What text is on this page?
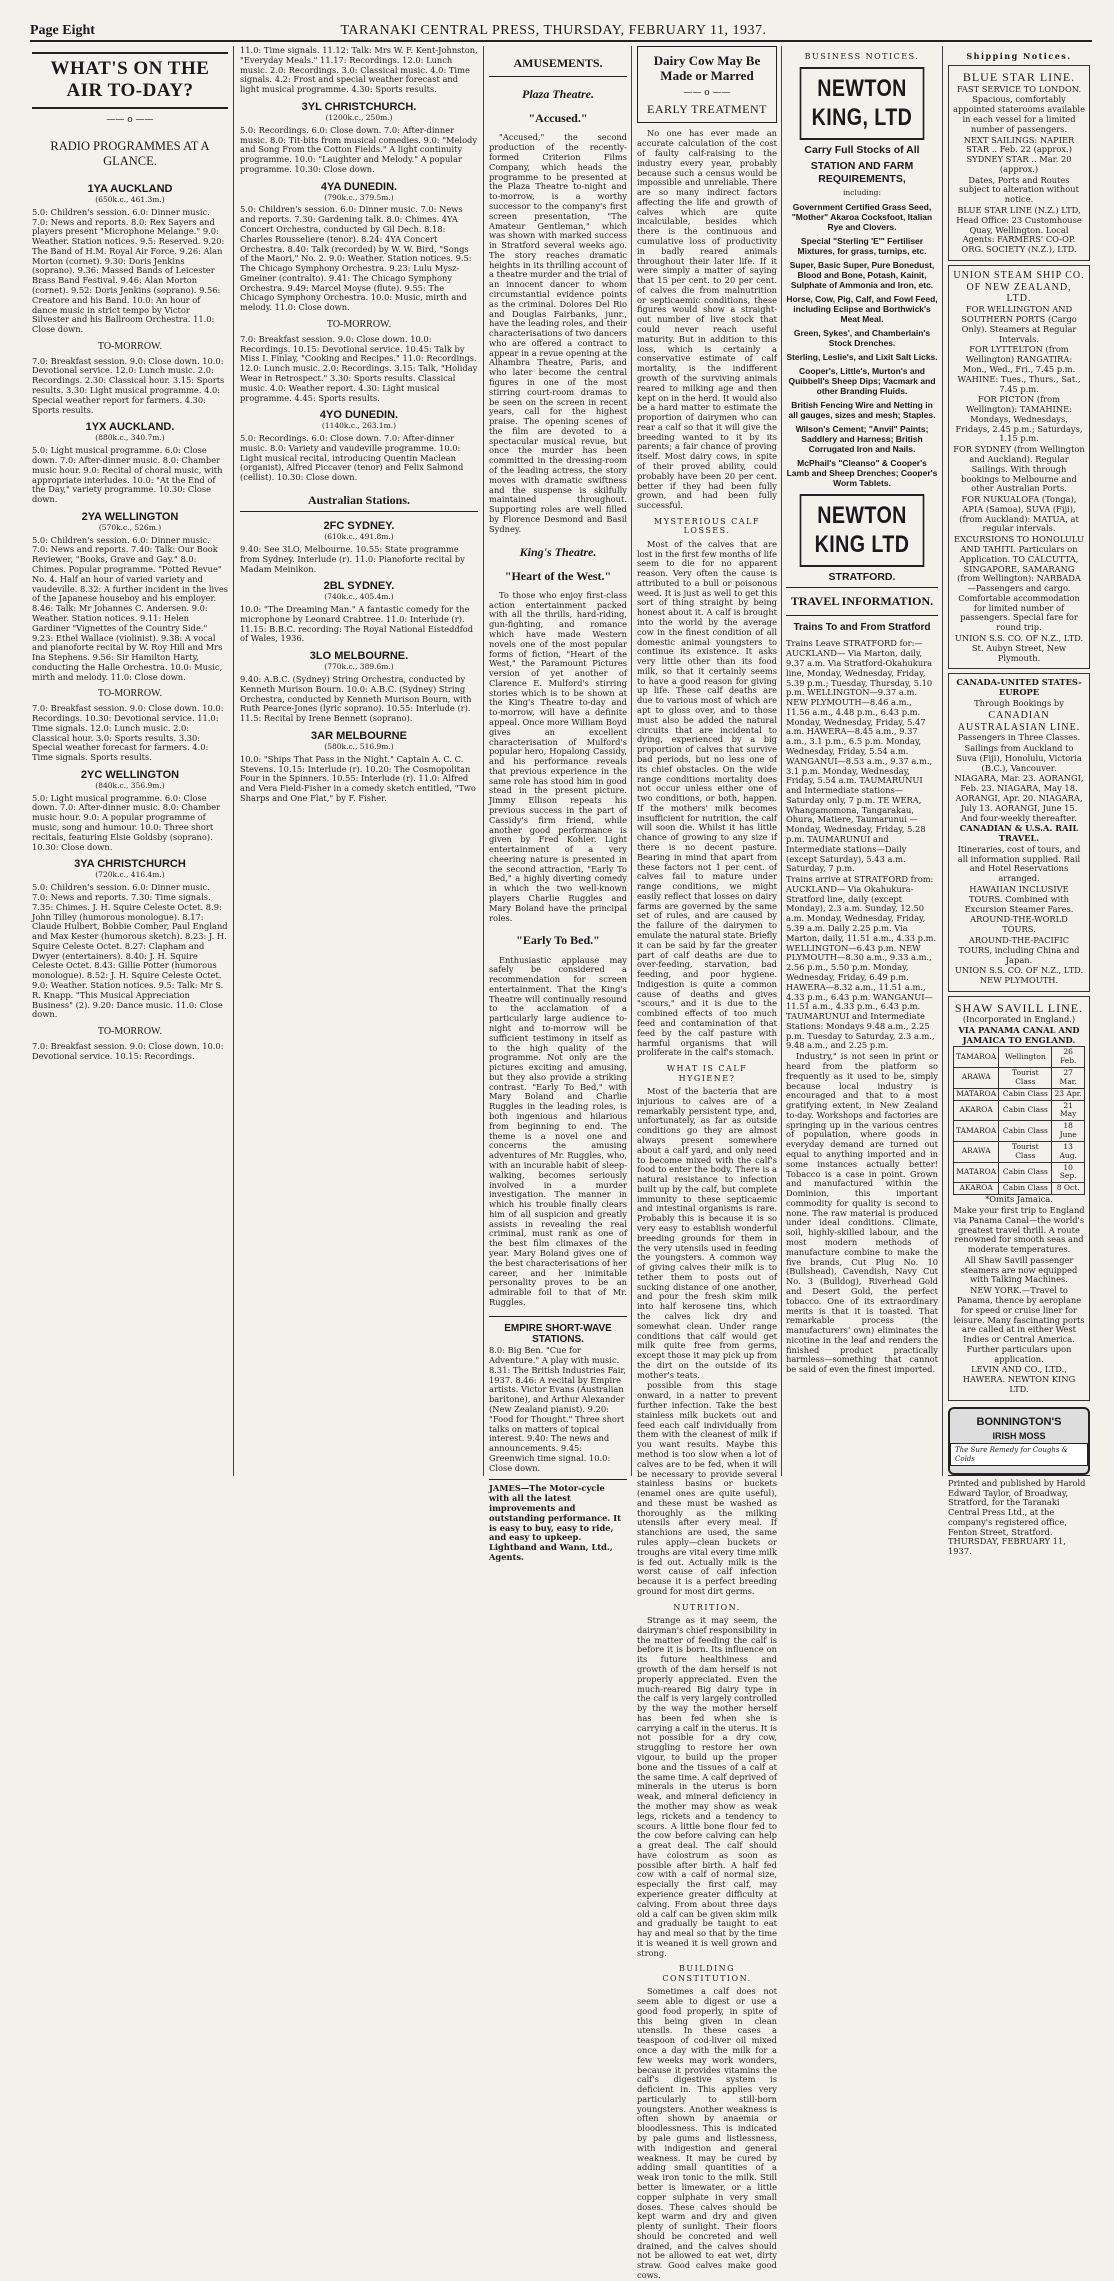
Page Eight	TARANAKI CENTRAL PRESS, THURSDAY, FEBRUARY 11, 1937.
WHAT'S ON THE AIR TO-DAY?
—— o ——
RADIO PROGRAMMES AT A GLANCE.
1YA AUCKLAND
(650k.c., 461.3m.)

5.0: Children's session. 6.0: Dinner music. 7.0: News and reports. 8.0: Rex Sayers and players present "Microphone Melange." 9.0: Weather. Station notices. 9.5: Reserved. 9.20: The Band of H.M. Royal Air Force. 9.26: Alan Morton (cornet). 9.30: Doris Jenkins (soprano). 9.36: Massed Bands of Leicester Brass Band Festival. 9.46: Alan Morton (cornet). 9.52: Doris Jenkins (soprano). 9.56: Creatore and his Band. 10.0: An hour of dance music in strict tempo by Victor Silvester and his Ballroom Orchestra. 11.0: Close down.

TO-MORROW.

7.0: Breakfast session. 9.0: Close down. 10.0: Devotional service. 12.0: Lunch music. 2.0: Recordings. 2.30: Classical hour. 3.15: Sports results. 3.30: Light musical programme. 4.0: Special weather report for farmers. 4.30: Sports results.

1YX AUCKLAND.
(880k.c., 340.7m.)

5.0: Light musical programme. 6.0: Close down. 7.0: After-dinner music. 8.0: Chamber music hour. 9.0: Recital of choral music, with appropriate interludes. 10.0: "At the End of the Day," variety programme. 10.30: Close down.

2YA WELLINGTON
(570k.c., 526m.)

5.0: Children's session. 6.0: Dinner music. 7.0: News and reports. 7.40: Talk: Our Book Reviewer, "Books, Grave and Gay." 8.0: Chimes. Popular programme. "Potted Revue" No. 4. Half an hour of varied variety and vaudeville. 8.32: A further incident in the lives of the Japanese houseboy and his employer. 8.46: Talk: Mr Johannes C. Andersen. 9.0: Weather. Station notices. 9.11: Helen Gardiner "Vignettes of the Country Side." 9.23: Ethel Wallace (violinist). 9.38: A vocal and pianoforte recital by W. Roy Hill and Mrs Ina Stephens. 9.56: Sir Hamilton Harty, conducting the Halle Orchestra. 10.0: Music, mirth and melody. 11.0: Close down.

TO-MORROW.

7.0: Breakfast session. 9.0: Close down. 10.0: Recordings. 10.30: Devotional service. 11.0: Time signals. 12.0: Lunch music. 2.0: Classical hour. 3.0: Sports results. 3.30: Special weather forecast for farmers. 4.0: Time signals. Sports results.

2YC WELLINGTON
(840k.c., 356.9m.)

5.0: Light musical programme. 6.0: Close down. 7.0: After-dinner music. 8.0: Chamber music hour. 9.0: A popular programme of music, song and humour. 10.0: Three short recitals, featuring Elsie Goldsby (soprano). 10.30: Close down.

3YA CHRISTCHURCH
(720k.c., 416.4m.)

5.0: Children's session. 6.0: Dinner music. 7.0: News and reports. 7.30: Time signals. 7.35: Chimes. J. H. Squire Celeste Octet. 8.9: John Tilley (humorous monologue). 8.17: Claude Hulbert, Bobbie Comber, Paul England and Max Kester (humorous sketch). 8.23: J. H. Squire Celeste Octet. 8.27: Clapham and Dwyer (entertainers). 8.40: J. H. Squire Celeste Octet. 8.43: Gillie Potter (humorous monologue). 8.52: J. H. Squire Celeste Octet. 9.0: Weather. Station notices. 9.5: Talk: Mr S. R. Knapp. "This Musical Appreciation Business" (2). 9.20: Dance music. 11.0: Close down.

TO-MORROW.

7.0: Breakfast session. 9.0: Close down. 10.0: Devotional service. 10.15: Recordings.

11.0: Time signals. 11.12: Talk: Mrs W. F. Kent-Johnston, "Everyday Meals." 11.17: Recordings. 12.0: Lunch music. 2.0: Recordings. 3.0: Classical music. 4.0: Time signals. 4.2: Frost and special weather forecast and light musical programme. 4.30: Sports results.

3YL CHRISTCHURCH.
(1200k.c., 250m.)

5.0: Recordings. 6.0: Close down. 7.0: After-dinner music. 8.0: Tit-bits from musical comedies. 9.0: "Melody and Song From the Cotton Fields." A light continuity programme. 10.0: "Laughter and Melody." A popular programme. 10.30: Close down.

4YA DUNEDIN.
(790k.c., 379.5m.)

5.0: Children's session. 6.0: Dinner music. 7.0: News and reports. 7.30: Gardening talk. 8.0: Chimes. 4YA Concert Orchestra, conducted by Gil Dech. 8.18: Charles Rousseliere (tenor). 8.24: 4YA Concert Orchestra. 8.40: Talk (recorded) by W. W. Bird, "Songs of the Maori," No. 2. 9.0: Weather. Station notices. 9.5: The Chicago Symphony Orchestra. 9.23: Lulu Mysz-Gmeiner (contralto). 9.41: The Chicago Symphony Orchestra. 9.49: Marcel Moyse (flute). 9.55: The Chicago Symphony Orchestra. 10.0: Music, mirth and melody. 11.0: Close down.

TO-MORROW.

7.0: Breakfast session. 9.0: Close down. 10.0: Recordings. 10.15: Devotional service. 10.45: Talk by Miss I. Finlay, "Cooking and Recipes." 11.0: Recordings. 12.0: Lunch music. 2.0: Recordings. 3.15: Talk, "Holiday Wear in Retrospect." 3.30: Sports results. Classical music. 4.0: Weather report. 4.30: Light musical programme. 4.45: Sports results.

4YO DUNEDIN.
(1140k.c., 263.1m.)

5.0: Recordings. 6.0: Close down. 7.0: After-dinner music. 8.0: Variety and vaudeville programme. 10.0: Light musical recital, introducing Quentin Maclean (organist), Alfred Piccaver (tenor) and Felix Salmond (cellist). 10.30: Close down.

Australian Stations.
2FC SYDNEY.
(610k.c., 491.8m.)

9.40: See 3LO, Melbourne. 10.55: State programme from Sydney. Interlude (r). 11.0: Pianoforte recital by Madam Meinikon.

2BL SYDNEY.
(740k.c., 405.4m.)

10.0: "The Dreaming Man." A fantastic comedy for the microphone by Leonard Crabtree. 11.0: Interlude (r). 11.15: B.B.C. recording: The Royal National Eisteddfod of Wales, 1936.

3LO MELBOURNE.
(770k.c., 389.6m.)

9.40: A.B.C. (Sydney) String Orchestra, conducted by Kenneth Murison Bourn. 10.0: A.B.C. (Sydney) String Orchestra, conducted by Kenneth Murison Bourn, with Ruth Pearce-Jones (lyric soprano). 10.55: Interlude (r). 11.5: Recital by Irene Bennett (soprano).

3AR MELBOURNE
(580k.c., 516.9m.)

10.0: "Ships That Pass in the Night." Captain A. C. C. Stevens. 10.15: Interlude (r). 10.20: The Cosmopolitan Four in the Spinners. 10.55: Interlude (r). 11.0: Alfred and Vera Field-Fisher in a comedy sketch entitled, "Two Sharps and One Flat," by F. Fisher.

AMUSEMENTS.
Plaza Theatre.
"Accused."

"Accused," the second production of the recently-formed Criterion Films Company, which heads the programme to be presented at the Plaza Theatre to-night and to-morrow, is a worthy successor to the company's first screen presentation, "The Amateur Gentleman," which was shown with marked success in Stratford several weeks ago. The story reaches dramatic heights in its thrilling account of a theatre murder and the trial of an innocent dancer to whom circumstantial evidence points as the criminal. Dolores Del Rio and Douglas Fairbanks, junr., have the leading roles, and their characterisations of two dancers who are offered a contract to appear in a revue opening at the Alhambra Theatre, Paris, and who later become the central figures in one of the most stirring court-room dramas to be seen on the screen in recent years, call for the highest praise. The opening scenes of the film are devoted to a spectacular musical revue, but once the murder has been committed in the dressing-room of the leading actress, the story moves with dramatic swiftness and the suspense is skilfully maintained throughout. Supporting roles are well filled by Florence Desmond and Basil Sydney.

King's Theatre.
"Heart of the West."

To those who enjoy first-class action entertainment packed with all the thrills, hard-riding, gun-fighting, and romance which have made Western novels one of the most popular forms of fiction, "Heart of the West," the Paramount Pictures version of yet another of Clarence E. Mulford's stirring stories which is to be shown at the King's Theatre to-day and to-morrow, will have a definite appeal. Once more William Boyd gives an excellent characterisation of Mulford's popular hero, Hopalong Cassidy, and his performance reveals that previous experience in the same role has stood him in good stead in the present picture. Jimmy Ellison repeats his previous success in the part of Cassidy's firm friend, while another good performance is given by Fred Kohler. Light entertainment of a very cheering nature is presented in the second attraction, "Early To Bed," a highly diverting comedy in which the two well-known players Charlie Ruggles and Mary Boland have the principal roles.

"Early To Bed."

Enthusiastic applause may safely be considered a recommendation for screen entertainment. That the King's Theatre will continually resound to the acclamation of a particularly large audience to-night and to-morrow will be sufficient testimony in itself as to the high quality of the programme. Not only are the pictures exciting and amusing, but they also provide a striking contrast. "Early To Bed," with Mary Boland and Charlie Ruggles in the leading roles, is both ingenious and hilarious from beginning to end. The theme is a novel one and concerns the amusing adventures of Mr. Ruggles, who, with an incurable habit of sleep-walking, becomes seriously involved in a murder investigation. The manner in which his trouble finally clears him of all suspicion and greatly assists in revealing the real criminal, must rank as one of the best film climaxes of the year. Mary Boland gives one of the best characterisations of her career, and her inimitable personality proves to be an admirable foil to that of Mr. Ruggles.

EMPIRE SHORT-WAVE STATIONS.

8.0: Big Ben. "Cue for Adventure." A play with music. 8.31: The British Industries Fair, 1937. 8.46: A recital by Empire artists. Victor Evans (Australian baritone), and Arthur Alexander (New Zealand pianist). 9.20: "Food for Thought." Three short talks on matters of topical interest. 9.40: The news and announcements. 9.45: Greenwich time signal. 10.0: Close down.

JAMES—The Motor-cycle with all the latest improvements and outstanding performance. It is easy to buy, easy to ride, and easy to upkeep. Lightband and Wann, Ltd., Agents.

Dairy Cow May Be Made or Marred
—— o ——
EARLY TREATMENT

No one has ever made an accurate calculation of the cost of faulty calf-raising to the industry every year, probably because such a census would be impossible and unreliable. There are so many indirect factors affecting the life and growth of calves which are quite incalculable, besides which there is the continuous and cumulative loss of productivity in badly reared animals throughout their later life. If it were simply a matter of saying that 15 per cent. to 20 per cent. of calves die from malnutrition or septicaemic conditions, these figures would show a straight-out number of live stock that could never reach useful maturity. But in addition to this loss, which is certainly a conservative estimate of calf mortality, is the indifferent growth of the surviving animals reared to milking age and then kept on in the herd. It would also be a hard matter to estimate the proportion of dairymen who can rear a calf so that it will give the breeding wanted to it by its parents; a fair chance of proving itself. Most dairy cows, in spite of their proved ability, could probably have been 20 per cent. better if they had been fully grown, and had been fully successful.

MYSTERIOUS CALF LOSSES.

Most of the calves that are lost in the first few months of life seem to die for no apparent reason. Very often the cause is attributed to a bull or poisonous weed. It is just as well to get this sort of thing straight by being honest about it. A calf is brought into the world by the average cow in the finest condition of all domestic animal youngsters to continue its existence. It asks very little other than its food milk, so that it certainly seems to have a good reason for giving up life. These calf deaths are due to various most of which are apt to gloss over, and to those must also be added the natural circuits that are incidental to dying, experienced by a big proportion of calves that survive bad periods, but no less one of its chief obstacles. On the wide range conditions mortality does not occur unless either one of two conditions, or both, happen. If the mothers' milk becomes insufficient for nutrition, the calf will soon die. Whilst it has little chance of growing to any size if there is no decent pasture. Bearing in mind that apart from these factors not 1 per cent. of calves fail to mature under range conditions, we might easily reflect that losses on dairy farms are governed by the same set of rules, and are caused by the failure of the dairymen to emulate the natural state. Briefly it can be said by far the greater part of calf deaths are due to over-feeding, starvation, bad feeding, and poor hygiene. Indigestion is quite a common cause of deaths and gives "scours," and it is due to the combined effects of too much feed and contamination of that feed by the calf pasture with harmful organisms that will proliferate in the calf's stomach.

WHAT IS CALF HYGIENE?

Most of the bacteria that are injurious to calves are of a remarkably persistent type, and, unfortunately, as far as outside conditions go they are almost always present somewhere about a calf yard, and only need to become mixed with the calf's food to enter the body. There is a natural resistance to infection built up by the calf, but complete immunity to these septicaemic and intestinal organisms is rare. Probably this is because it is so very easy to establish wonderful breeding grounds for them in the very utensils used in feeding the youngsters. A common way of giving calves their milk is to tether them to posts out of sucking distance of one another, and pour the fresh skim milk into half kerosene tins, which the calves lick dry and somewhat clean. Under range conditions that calf would get milk quite free from germs, except those it may pick up from the dirt on the outside of its mother's teats.

possible from this stage onward, in a natter to prevent further infection. Take the best stainless milk buckets out and feed each calf individually from them with the cleanest of milk if you want results. Maybe this method is too slow when a lot of calves are to be fed, when it will be necessary to provide several stainless basins or buckets (enamel ones are quite useful), and these must be washed as thoroughly as the milking utensils after every meal. If stanchions are used, the same rules apply—clean buckets or troughs are vital every time milk is fed out. Actually milk is the worst cause of calf infection because it is a perfect breeding ground for most dirt germs.

NUTRITION.

Strange as it may seem, the dairyman's chief responsibility in the matter of feeding the calf is before it is born. Its influence on its future healthiness and growth of the dam herself is not properly appreciated. Even the much-reared Big dairy type in the calf is very largely controlled by the way the mother herself has been fed when she is carrying a calf in the uterus. It is not possible for a dry cow, struggling to restore her own vigour, to build up the proper bone and the tissues of a calf at the same time. A calf deprived of minerals in the uterus is born weak, and mineral deficiency in the mother may show as weak legs, rickets and a tendency to scours. A little bone flour fed to the cow before calving can help a great deal. The calf should have colostrum as soon as possible after birth. A half fed cow with a calf of normal size, especially the first calf, may experience greater difficulty at calving. From about three days old a calf can be given skim milk and gradually be taught to eat hay and meal so that by the time it is weaned it is well grown and strong.

BUILDING CONSTITUTION.

Sometimes a calf does not seem able to digest or use a good food properly, in spite of this being given in clean utensils. In these cases a teaspoon of cod-liver oil mixed once a day with the milk for a few weeks may work wonders, because it provides vitamins the calf's digestive system is deficient in. This applies very particularly to still-born youngsters. Another weakness is often shown by anaemia or bloodlessness. This is indicated by pale gums and listlessness, with indigestion and general weakness. It may be cured by adding small quantities of a weak iron tonic to the milk. Still better is limewater, or a little copper sulphate in very small doses. These calves should be kept warm and dry and given plenty of sunlight. Their floors should be concreted and well drained, and the calves should not be allowed to eat wet, dirty straw. Good calves make good cows.

BUSINESS NOTICES.
NEWTON KING, LTD
Carry Full Stocks of All
STATION AND FARM REQUIREMENTS,
including:
Government Certified Grass Seed, "Mother" Akaroa Cocksfoot, Italian Rye and Clovers.
Special "Sterling 'E'" Fertiliser Mixtures, for grass, turnips, etc.
Super, Basic Super, Pure Bonedust, Blood and Bone, Potash, Kainit, Sulphate of Ammonia and Iron, etc.
Horse, Cow, Pig, Calf, and Fowl Feed, including Eclipse and Borthwick's Meat Meal.
Green, Sykes', and Chamberlain's Stock Drenches.
Sterling, Leslie's, and Lixit Salt Licks.
Cooper's, Little's, Murton's and Quibbell's Sheep Dips; Vacmark and other Branding Fluids.
British Fencing Wire and Netting in all gauges, sizes and mesh; Staples.
Wilson's Cement; "Anvil" Paints; Saddlery and Harness; British Corrugated Iron and Nails.
McPhail's "Cleanso" & Cooper's Lamb and Sheep Drenches; Cooper's Worm Tablets.
NEWTON KING LTD
STRATFORD.
TRAVEL INFORMATION.
Trains To and From Stratford

Trains Leave STRATFORD for:— AUCKLAND— Via Marton, daily, 9.37 a.m. Via Stratford-Okahukura line, Monday, Wednesday, Friday, 5.39 p.m.; Tuesday, Thursday, 5.10 p.m. WELLINGTON—9.37 a.m. NEW PLYMOUTH—8.46 a.m., 11.56 a.m., 4.48 p.m., 6.43 p.m. Monday, Wednesday, Friday, 5.47 a.m. HAWERA—8.45 a.m., 9.37 a.m., 3.1 p.m., 6.5 p.m. Monday, Wednesday, Friday, 5.54 a.m. WANGANUI—8.53 a.m., 9.37 a.m., 3.1 p.m. Monday, Wednesday, Friday, 5.54 a.m. TAUMARUNUI and Intermediate stations—Saturday only, 7 p.m. TE WERA, Whangamomona, Tangarakau, Ohura, Matiere, Taumarunui —Monday, Wednesday, Friday, 5.28 p.m. TAUMARUNUI and Intermediate stations—Daily (except Saturday), 5.43 a.m. Saturday, 7 p.m.

Trains arrive at STRATFORD from: AUCKLAND— Via Okahukura-Stratford line, daily (except Monday), 2.3 a.m. Sunday, 12.50 a.m. Monday, Wednesday, Friday, 5.39 a.m. Daily 2.25 p.m. Via Marton, daily, 11.51 a.m., 4.33 p.m. WELLINGTON—6.43 p.m. NEW PLYMOUTH—8.30 a.m., 9.33 a.m., 2.56 p.m., 5.50 p.m. Monday, Wednesday, Friday, 6.49 p.m. HAWERA—8.32 a.m., 11.51 a.m., 4.33 p.m., 6.43 p.m. WANGANUI—11.51 a.m., 4.33 p.m., 6.43 p.m. TAUMARUNUI and Intermediate Stations: Mondays 9.48 a.m., 2.25 p.m. Tuesday to Saturday, 2.3 a.m., 9.48 a.m., and 2.25 p.m.

Industry," is not seen in print or heard from the platform so frequently as it used to be, simply because local industry is encouraged and that to a most gratifying extent, in New Zealand to-day. Workshops and factories are springing up in the various centres of population, where goods in everyday demand are turned out equal to anything imported and in some instances actually better! Tobacco is a case in point. Grown and manufactured within the Dominion, this important commodity for quality is second to none. The raw material is produced under ideal conditions. Climate, soil, highly-skilled labour, and the most modern methods of manufacture combine to make the five brands, Cut Plug No. 10 (Bullshead), Cavendish, Navy Cut No. 3 (Bulldog), Riverhead Gold and Desert Gold, the perfect tobacco. One of its extraordinary merits is that it is toasted. That remarkable process (the manufacturers' own) eliminates the nicotine in the leaf and renders the finished product practically harmless—something that cannot be said of even the finest imported.

Shipping Notices.
BLUE STAR LINE.

FAST SERVICE TO LONDON.

Spacious, comfortably appointed staterooms available in each vessel for a limited number of passengers.

NEXT SAILINGS: NAPIER STAR .. Feb. 22 (approx.) SYDNEY STAR .. Mar. 20 (approx.)

Dates, Ports and Routes subject to alteration without notice.

BLUE STAR LINE (N.Z.) LTD, Head Office: 23 Customhouse Quay, Wellington. Local Agents: FARMERS' CO-OP. ORG. SOCIETY (N.Z.), LTD.

UNION STEAM SHIP CO. OF NEW ZEALAND, LTD.

FOR WELLINGTON AND SOUTHERN PORTS (Cargo Only). Steamers at Regular Intervals.

FOR LYTTELTON (from Wellington) RANGATIRA: Mon., Wed., Fri., 7.45 p.m. WAHINE: Tues., Thurs., Sat., 7.45 p.m.

FOR PICTON (from Wellington): TAMAHINE: Mondays, Wednesdays, Fridays, 2.45 p.m.; Saturdays, 1.15 p.m.

FOR SYDNEY (from Wellington and Auckland). Regular Sailings. With through bookings to Melbourne and other Australian Ports.

FOR NUKUALOFA (Tonga), APIA (Samoa), SUVA (Fiji), (from Auckland): MATUA, at regular intervals.

EXCURSIONS TO HONOLULU AND TAHITI. Particulars on Application. TO CALCUTTA, SINGAPORE, SAMARANG (from Wellington): NARBADA—Passengers and cargo. Comfortable accommodation for limited number of passengers. Special fare for round trip.

UNION S.S. CO. OF N.Z., LTD. St. Aubyn Street, New Plymouth.

CANADA-UNITED STATES-EUROPE

Through Bookings by

CANADIAN AUSTRALASIAN LINE.

Passengers in Three Classes.

Sailings from Auckland to Suva (Fiji), Honolulu, Victoria (B.C.), Vancouver.

NIAGARA, Mar. 23. AORANGI, Feb. 23. NIAGARA, May 18. AORANGI, Apr. 20. NIAGARA, July 13. AORANGI, June 15. And four-weekly thereafter.

CANADIAN & U.S.A. RAIL TRAVEL.

Itineraries, cost of tours, and all information supplied. Rail and Hotel Reservations arranged.

HAWAIIAN INCLUSIVE TOURS. Combined with Excursion Steamer Fares.

AROUND-THE-WORLD TOURS.

AROUND-THE-PACIFIC TOURS, including China and Japan.

UNION S.S. CO. OF N.Z., LTD. NEW PLYMOUTH.

SHAW SAVILL LINE.

(Incorporated in England.)

VIA PANAMA CANAL AND JAMAICA TO ENGLAND.

TAMAROA	Wellington	26 Feb.
ARAWA	Tourist Class	27 Mar.
MATAROA	Cabin Class	23 Apr.
AKAROA	Cabin Class	21 May
TAMAROA	Cabin Class	18 June
ARAWA	Tourist Class	13 Aug.
MATAROA	Cabin Class	10 Sep.
AKAROA	Cabin Class	8 Oct.

*Omits Jamaica.

Make your first trip to England via Panama Canal—the world's greatest travel thrill. A route renowned for smooth seas and moderate temperatures.

All Shaw Savill passenger steamers are now equipped with Talking Machines.

NEW YORK.—Travel to Panama, thence by aeroplane for speed or cruise liner for leisure. Many fascinating ports are called at in either West Indies or Central America. Further particulars upon application.

LEVIN AND CO., LTD., HAWERA. NEWTON KING LTD.

BONNINGTON'S
IRISH MOSS
The Sure Remedy for Coughs & Colds

Printed and published by Harold Edward Taylor, of Broadway, Stratford, for the Taranaki Central Press Ltd., at the company's registered office, Fenton Street, Stratford. THURSDAY, FEBRUARY 11, 1937.
